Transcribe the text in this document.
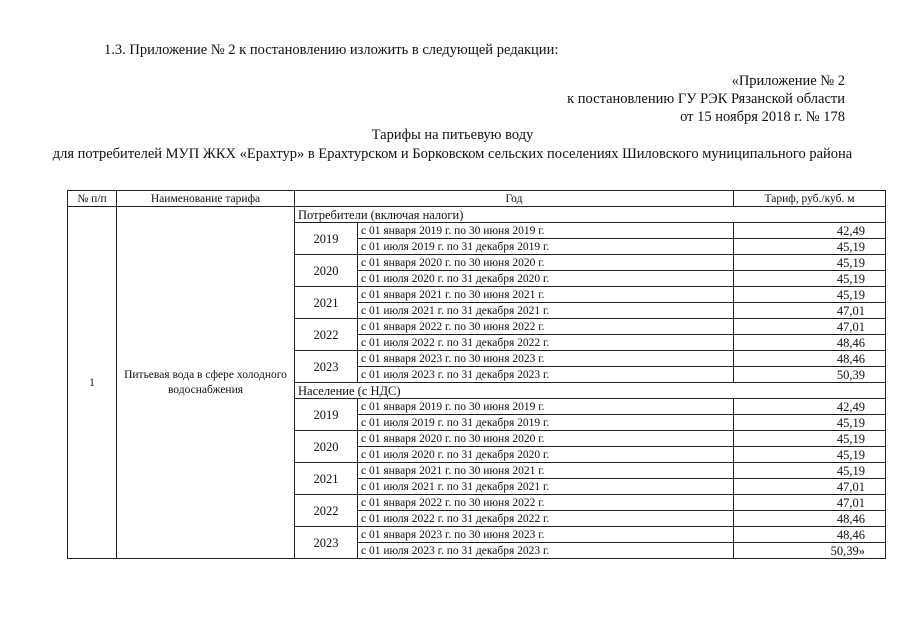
1.3. Приложение № 2 к постановлению изложить в следующей редакции:
«Приложение № 2
к постановлению ГУ РЭК Рязанской области
от 15 ноября 2018 г. № 178
Тарифы на питьевую воду
для потребителей МУП ЖКХ «Ерахтур» в Ерахтурском и Борковском сельских поселениях Шиловского муниципального района
№ п/п	Наименование тарифа	Год		Тариф, руб./куб. м
1	Питьевая вода в сфере холодного водоснабжения	Потребители (включая налоги)		
		2019	с 01 января 2019 г. по 30 июня 2019 г.	42,49
			с 01 июля 2019 г. по 31 декабря 2019 г.	45,19
		2020	с 01 января 2020 г. по 30 июня 2020 г.	45,19
			с 01 июля 2020 г. по 31 декабря 2020 г.	45,19
		2021	с 01 января 2021 г. по 30 июня 2021 г.	45,19
			с 01 июля 2021 г. по 31 декабря 2021 г.	47,01
		2022	с 01 января 2022 г. по 30 июня 2022 г.	47,01
			с 01 июля 2022 г. по 31 декабря 2022 г.	48,46
		2023	с 01 января 2023 г. по 30 июня 2023 г.	48,46
			с 01 июля 2023 г. по 31 декабря 2023 г.	50,39
		Население (с НДС)		
		2019	с 01 января 2019 г. по 30 июня 2019 г.	42,49
			с 01 июля 2019 г. по 31 декабря 2019 г.	45,19
		2020	с 01 января 2020 г. по 30 июня 2020 г.	45,19
			с 01 июля 2020 г. по 31 декабря 2020 г.	45,19
		2021	с 01 января 2021 г. по 30 июня 2021 г.	45,19
			с 01 июля 2021 г. по 31 декабря 2021 г.	47,01
		2022	с 01 января 2022 г. по 30 июня 2022 г.	47,01
			с 01 июля 2022 г. по 31 декабря 2022 г.	48,46
		2023	с 01 января 2023 г. по 30 июня 2023 г.	48,46
			с 01 июля 2023 г. по 31 декабря 2023 г.	50,39»
